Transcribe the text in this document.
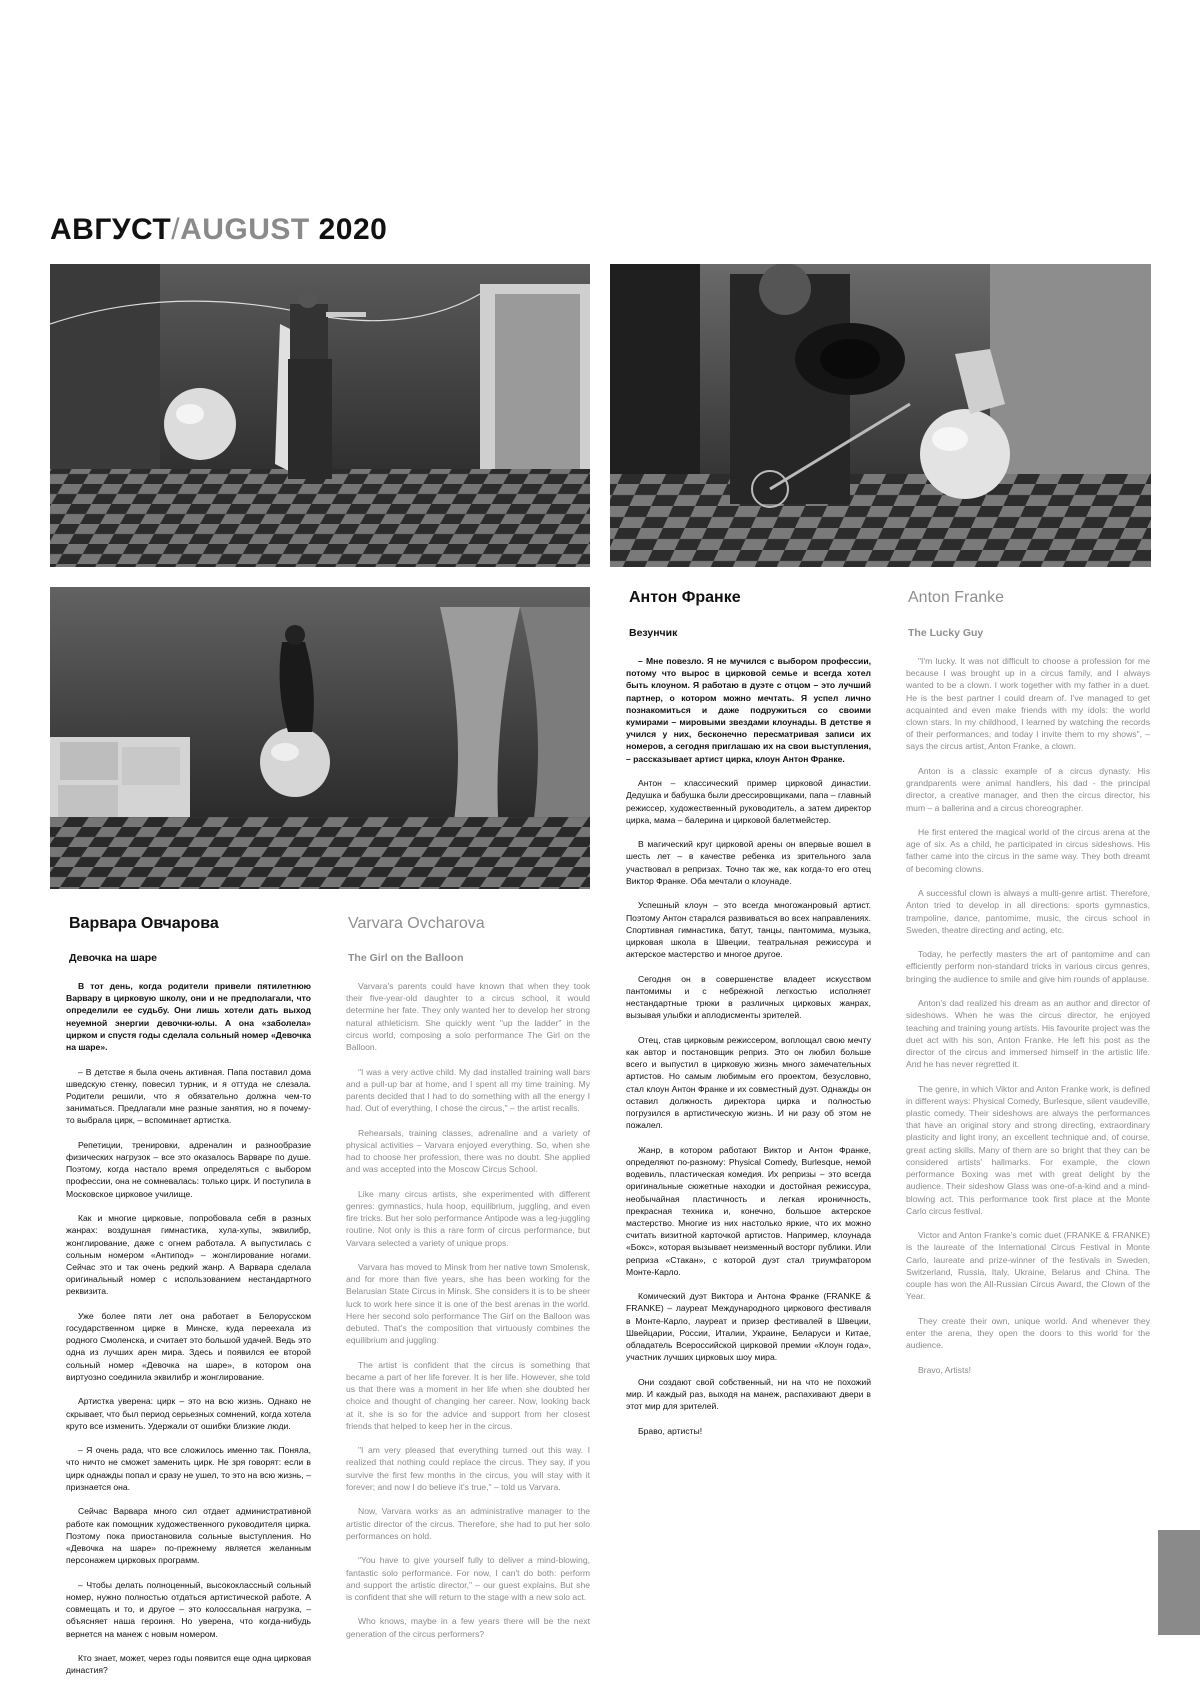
АВГУСТ/AUGUST 2020
Варвара Овчарова
Девочка на шаре

В тот день, когда родители привели пятилетнюю Варвару в цирковую школу, они и не предполагали, что определили ее судьбу. Они лишь хотели дать выход неуемной энергии девочки-юлы. А она «заболела» цирком и спустя годы сделала сольный номер «Девочка на шаре».

– В детстве я была очень активная. Папа поставил дома шведскую стенку, повесил турник, и я оттуда не слезала. Родители решили, что я обязательно должна чем-то заниматься. Предлагали мне разные занятия, но я почему-то выбрала цирк, – вспоминает артистка.

Репетиции, тренировки, адреналин и разнообразие физических нагрузок – все это оказалось Варваре по душе. Поэтому, когда настало время определяться с выбором профессии, она не сомневалась: только цирк. И поступила в Московское цирковое училище.

Как и многие цирковые, попробовала себя в разных жанрах: воздушная гимнастика, хула-хупы, эквилибр, жонглирование, даже с огнем работала. А выпустилась с сольным номером «Антипод» – жонглирование ногами. Сейчас это и так очень редкий жанр. А Варвара сделала оригинальный номер с использованием нестандартного реквизита.

Уже более пяти лет она работает в Белорусском государственном цирке в Минске, куда переехала из родного Смоленска, и считает это большой удачей. Ведь это одна из лучших арен мира. Здесь и появился ее второй сольный номер «Девочка на шаре», в котором она виртуозно соединила эквилибр и жонглирование.

Артистка уверена: цирк – это на всю жизнь. Однако не скрывает, что был период серьезных сомнений, когда хотела круто все изменить. Удержали от ошибки близкие люди.

– Я очень рада, что все сложилось именно так. Поняла, что ничто не сможет заменить цирк. Не зря говорят: если в цирк однажды попал и сразу не ушел, то это на всю жизнь, – признается она.

Сейчас Варвара много сил отдает административной работе как помощник художественного руководителя цирка. Поэтому пока приостановила сольные выступления. Но «Девочка на шаре» по-прежнему является желанным персонажем цирковых программ.

– Чтобы делать полноценный, высококлассный сольный номер, нужно полностью отдаться артистической работе. А совмещать и то, и другое – это колоссальная нагрузка, – объясняет наша героиня. Но уверена, что когда-нибудь вернется на манеж с новым номером.

Кто знает, может, через годы появится еще одна цирковая династия?

Varvara Ovcharova
The Girl on the Balloon

Varvara's parents could have known that when they took their five-year-old daughter to a circus school, it would determine her fate. They only wanted her to develop her strong natural athleticism. She quickly went "up the ladder" in the circus world, composing a solo performance The Girl on the Balloon.

"I was a very active child. My dad installed training wall bars and a pull-up bar at home, and I spent all my time training. My parents decided that I had to do something with all the energy I had. Out of everything, I chose the circus," – the artist recalls.

Rehearsals, training classes, adrenaline and a variety of physical activities – Varvara enjoyed everything. So, when she had to choose her profession, there was no doubt. She applied and was accepted into the Moscow Circus School.

Like many circus artists, she experimented with different genres: gymnastics, hula hoop, equilibrium, juggling, and even fire tricks. But her solo performance Antipode was a leg-juggling routine. Not only is this a rare form of circus performance, but Varvara selected a variety of unique props.

Varvara has moved to Minsk from her native town Smolensk, and for more than five years, she has been working for the Belarusian State Circus in Minsk. She considers it is to be sheer luck to work here since it is one of the best arenas in the world. Here her second solo performance The Girl on the Balloon was debuted. That's the composition that virtuously combines the equilibrium and juggling.

The artist is confident that the circus is something that became a part of her life forever. It is her life. However, she told us that there was a moment in her life when she doubted her choice and thought of changing her career. Now, looking back at it, she is so for the advice and support from her closest friends that helped to keep her in the circus.

"I am very pleased that everything turned out this way. I realized that nothing could replace the circus. They say, if you survive the first few months in the circus, you will stay with it forever; and now I do believe it's true," – told us Varvara.

Now, Varvara works as an administrative manager to the artistic director of the circus. Therefore, she had to put her solo performances on hold.

"You have to give yourself fully to deliver a mind-blowing, fantastic solo performance. For now, I can't do both: perform and support the artistic director," – our guest explains. But she is confident that she will return to the stage with a new solo act.

Who knows, maybe in a few years there will be the next generation of the circus performers?

Антон Франке
Везунчик

– Мне повезло. Я не мучился с выбором профессии, потому что вырос в цирковой семье и всегда хотел быть клоуном. Я работаю в дуэте с отцом – это лучший партнер, о котором можно мечтать. Я успел лично познакомиться и даже подружиться со своими кумирами – мировыми звездами клоунады. В детстве я учился у них, бесконечно пересматривая записи их номеров, а сегодня приглашаю их на свои выступления, – рассказывает артист цирка, клоун Антон Франке.

Антон – классический пример цирковой династии. Дедушка и бабушка были дрессировщиками, папа – главный режиссер, художественный руководитель, а затем директор цирка, мама – балерина и цирковой балетмейстер.

В магический круг цирковой арены он впервые вошел в шесть лет – в качестве ребенка из зрительного зала участвовал в репризах. Точно так же, как когда-то его отец Виктор Франке. Оба мечтали о клоунаде.

Успешный клоун – это всегда многожанровый артист. Поэтому Антон старался развиваться во всех направлениях. Спортивная гимнастика, батут, танцы, пантомима, музыка, цирковая школа в Швеции, театральная режиссура и актерское мастерство и многое другое.

Сегодня он в совершенстве владеет искусством пантомимы и с небрежной легкостью исполняет нестандартные трюки в различных цирковых жанрах, вызывая улыбки и аплодисменты зрителей.

Отец, став цирковым режиссером, воплощал свою мечту как автор и постановщик реприз. Это он любил больше всего и выпустил в цирковую жизнь много замечательных артистов. Но самым любимым его проектом, безусловно, стал клоун Антон Франке и их совместный дуэт. Однажды он оставил должность директора цирка и полностью погрузился в артистическую жизнь. И ни разу об этом не пожалел.

Жанр, в котором работают Виктор и Антон Франке, определяют по-разному: Physical Comedy, Burlesque, немой водевиль, пластическая комедия. Их репризы – это всегда оригинальные сюжетные находки и достойная режиссура, необычайная пластичность и легкая ироничность, прекрасная техника и, конечно, большое актерское мастерство. Многие из них настолько яркие, что их можно считать визитной карточкой артистов. Например, клоунада «Бокс», которая вызывает неизменный восторг публики. Или реприза «Стакан», с которой дуэт стал триумфатором Монте-Карло.

Комический дуэт Виктора и Антона Франке (FRANKE & FRANKE) – лауреат Международного циркового фестиваля в Монте-Карло, лауреат и призер фестивалей в Швеции, Швейцарии, России, Италии, Украине, Беларуси и Китае, обладатель Всероссийской цирковой премии «Клоун года», участник лучших цирковых шоу мира.

Они создают свой собственный, ни на что не похожий мир. И каждый раз, выходя на манеж, распахивают двери в этот мир для зрителей.

Браво, артисты!

Anton Franke
The Lucky Guy

"I'm lucky. It was not difficult to choose a profession for me because I was brought up in a circus family, and I always wanted to be a clown. I work together with my father in a duet. He is the best partner I could dream of. I've managed to get acquainted and even make friends with my idols: the world clown stars. In my childhood, I learned by watching the records of their performances, and today I invite them to my shows", – says the circus artist, Anton Franke, a clown.

Anton is a classic example of a circus dynasty. His grandparents were animal handlers, his dad - the principal director, a creative manager, and then the circus director, his mum – a ballerina and a circus choreographer.

He first entered the magical world of the circus arena at the age of six. As a child, he participated in circus sideshows. His father came into the circus in the same way. They both dreamt of becoming clowns.

A successful clown is always a multi-genre artist. Therefore, Anton tried to develop in all directions: sports gymnastics, trampoline, dance, pantomime, music, the circus school in Sweden, theatre directing and acting, etc.

Today, he perfectly masters the art of pantomime and can efficiently perform non-standard tricks in various circus genres, bringing the audience to smile and give him rounds of applause.

Anton's dad realized his dream as an author and director of sideshows. When he was the circus director, he enjoyed teaching and training young artists. His favourite project was the duet act with his son, Anton Franke. He left his post as the director of the circus and immersed himself in the artistic life. And he has never regretted it.

The genre, in which Viktor and Anton Franke work, is defined in different ways: Physical Comedy, Burlesque, silent vaudeville, plastic comedy. Their sideshows are always the performances that have an original story and strong directing, extraordinary plasticity and light irony, an excellent technique and, of course, great acting skills. Many of them are so bright that they can be considered artists' hallmarks. For example, the clown performance Boxing was met with great delight by the audience. Their sideshow Glass was one-of-a-kind and a mind-blowing act. This performance took first place at the Monte Carlo circus festival.

Victor and Anton Franke's comic duet (FRANKE & FRANKE) is the laureate of the International Circus Festival in Monte Carlo, laureate and prize-winner of the festivals in Sweden, Switzerland, Russia, Italy, Ukraine, Belarus and China. The couple has won the All-Russian Circus Award, the Clown of the Year.

They create their own, unique world. And whenever they enter the arena, they open the doors to this world for the audience.

Bravo, Artists!
